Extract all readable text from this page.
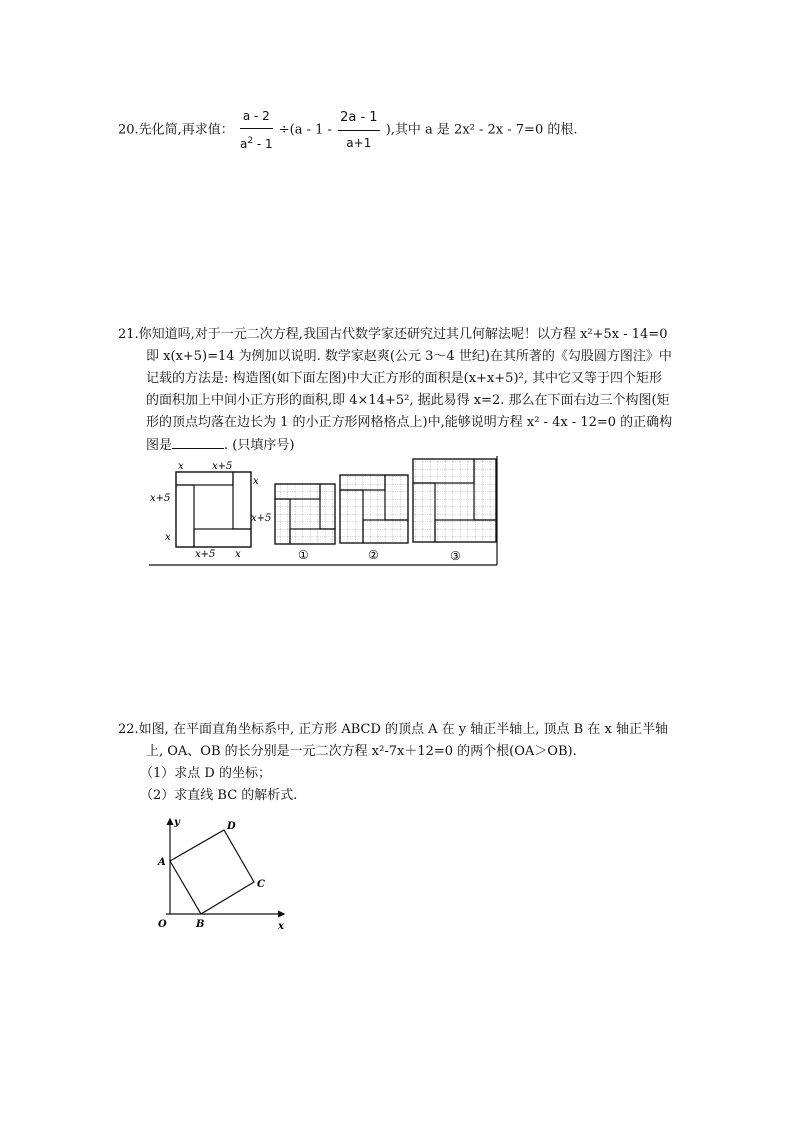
20.先化简,再求值： $\frac{a - 2}{a^2 - 1} \div(a - 1 - \frac{2a - 1}{a+1}$ ),其中 a 是 2x² - 2x - 7=0 的根.
21.你知道吗,对于一元二次方程,我国古代数学家还研究过其几何解法呢！以方程 x²+5x - 14=0
即 x(x+5)=14 为例加以说明. 数学家赵爽(公元 3～4 世纪)在其所著的《勾股圆方图注》中
记载的方法是: 构造图(如下面左图)中大正方形的面积是(x+x+5)², 其中它又等于四个矩形
的面积加上中间小正方形的面积,即 4×14+5², 据此易得 x=2. 那么在下面右边三个构图(矩
形的顶点均落在边长为 1 的小正方形网格格点上)中,能够说明方程 x² - 4x - 12=0 的正确构
图是	. (只填序号)
x	x+5
x+5
x
x
x+5
x+5 x	①	②	③
22.如图, 在平面直角坐标系中, 正方形 ABCD 的顶点 A 在 y 轴正半轴上, 顶点 B 在 x 轴正半轴
上, OA、OB 的长分别是一元二次方程 x²-7x＋12=0 的两个根(OA＞OB).
（1）求点 D 的坐标；
（2）求直线 BC 的解析式.
y
x
O
A
B
C
D
